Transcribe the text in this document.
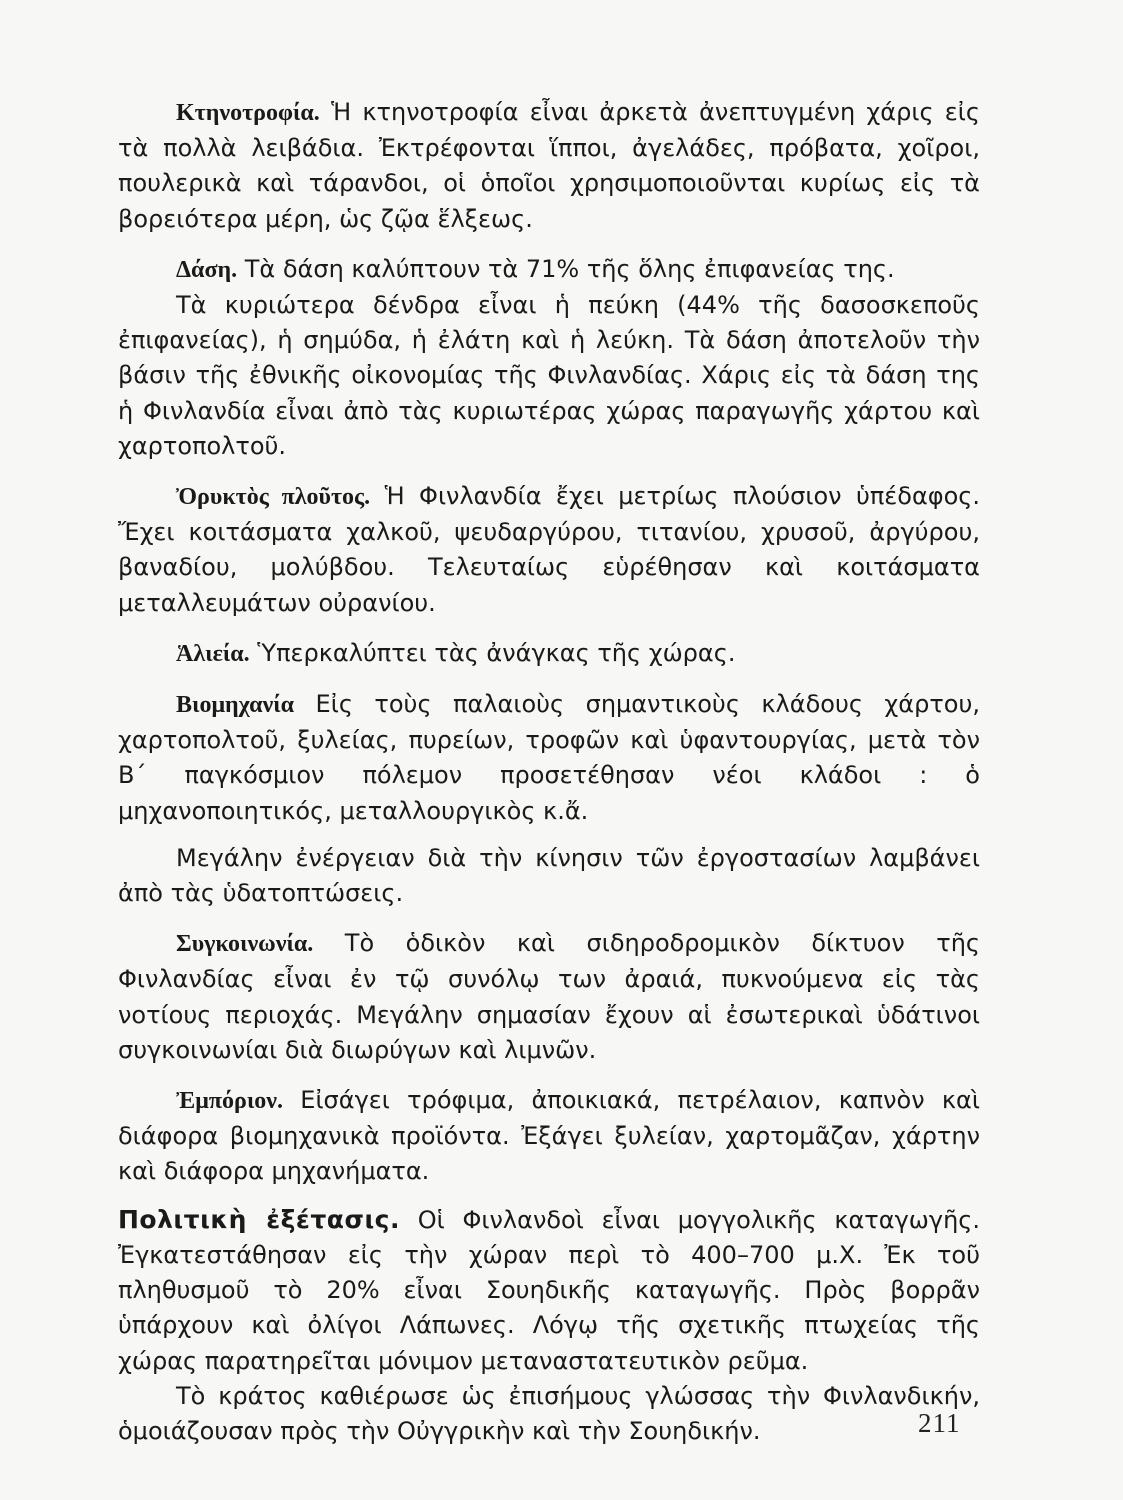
Κτηνοτροφία. Ἡ κτηνοτροφία εἶναι ἀρκετὰ ἀνεπτυγμένη χάρις εἰς τὰ πολλὰ λειβάδια. Ἐκτρέφονται ἵπποι, ἀγελάδες, πρόβατα, χοῖροι, πουλερικὰ καὶ τάρανδοι, οἱ ὁποῖοι χρησιμοποιοῦνται κυρίως εἰς τὰ βορειότερα μέρη, ὡς ζῷα ἕλξεως.

Δάση. Τὰ δάση καλύπτουν τὰ 71% τῆς ὅλης ἐπιφανείας της.

Τὰ κυριώτερα δένδρα εἶναι ἡ πεύκη (44% τῆς δασοσκεποῦς ἐπιφανείας), ἡ σημύδα, ἡ ἐλάτη καὶ ἡ λεύκη. Τὰ δάση ἀποτελοῦν τὴν βάσιν τῆς ἐθνικῆς οἰκονομίας τῆς Φινλανδίας. Χάρις εἰς τὰ δάση της ἡ Φινλανδία εἶναι ἀπὸ τὰς κυριωτέρας χώρας παραγωγῆς χάρτου καὶ χαρτοπολτοῦ.

Ὀρυκτὸς πλοῦτος. Ἡ Φινλανδία ἔχει μετρίως πλούσιον ὑπέδαφος. Ἔχει κοιτάσματα χαλκοῦ, ψευδαργύρου, τιτανίου, χρυσοῦ, ἀργύρου, βαναδίου, μολύβδου. Τελευταίως εὑρέθησαν καὶ κοιτάσματα μεταλλευμάτων οὐρανίου.

Ἁλιεία. Ὑπερκαλύπτει τὰς ἀνάγκας τῆς χώρας.

Βιομηχανία Εἰς τοὺς παλαιοὺς σημαντικοὺς κλάδους χάρτου, χαρτοπολτοῦ, ξυλείας, πυρείων, τροφῶν καὶ ὑφαντουργίας, μετὰ τὸν Β΄ παγκόσμιον πόλεμον προσετέθησαν νέοι κλάδοι : ὁ μηχανοποιητικός, μεταλλουργικὸς κ.ἄ.

Μεγάλην ἐνέργειαν διὰ τὴν κίνησιν τῶν ἐργοστασίων λαμβάνει ἀπὸ τὰς ὑδατοπτώσεις.

Συγκοινωνία. Τὸ ὁδικὸν καὶ σιδηροδρομικὸν δίκτυον τῆς Φινλανδίας εἶναι ἐν τῷ συνόλῳ των ἀραιά, πυκνούμενα εἰς τὰς νοτίους περιοχάς. Μεγάλην σημασίαν ἔχουν αἱ ἐσωτερικαὶ ὑδάτινοι συγκοινωνίαι διὰ διωρύγων καὶ λιμνῶν.

Ἐμπόριον. Εἰσάγει τρόφιμα, ἀποικιακά, πετρέλαιον, καπνὸν καὶ διάφορα βιομηχανικὰ προϊόντα. Ἐξάγει ξυλείαν, χαρτομᾶζαν, χάρτην καὶ διάφορα μηχανήματα.

Πολιτικὴ ἐξέτασις. Οἱ Φινλανδοὶ εἶναι μογγολικῆς καταγωγῆς. Ἐγκατεστάθησαν εἰς τὴν χώραν περὶ τὸ 400–700 μ.Χ. Ἐκ τοῦ πληθυσμοῦ τὸ 20% εἶναι Σουηδικῆς καταγωγῆς. Πρὸς βορρᾶν ὑπάρχουν καὶ ὀλίγοι Λάπωνες. Λόγῳ τῆς σχετικῆς πτωχείας τῆς χώρας παρατηρεῖται μόνιμον μεταναστατευτικὸν ρεῦμα.

Τὸ κράτος καθιέρωσε ὡς ἐπισήμους γλώσσας τὴν Φινλανδικήν, ὁμοιάζουσαν πρὸς τὴν Οὐγγρικὴν καὶ τὴν Σουηδικήν.	211
